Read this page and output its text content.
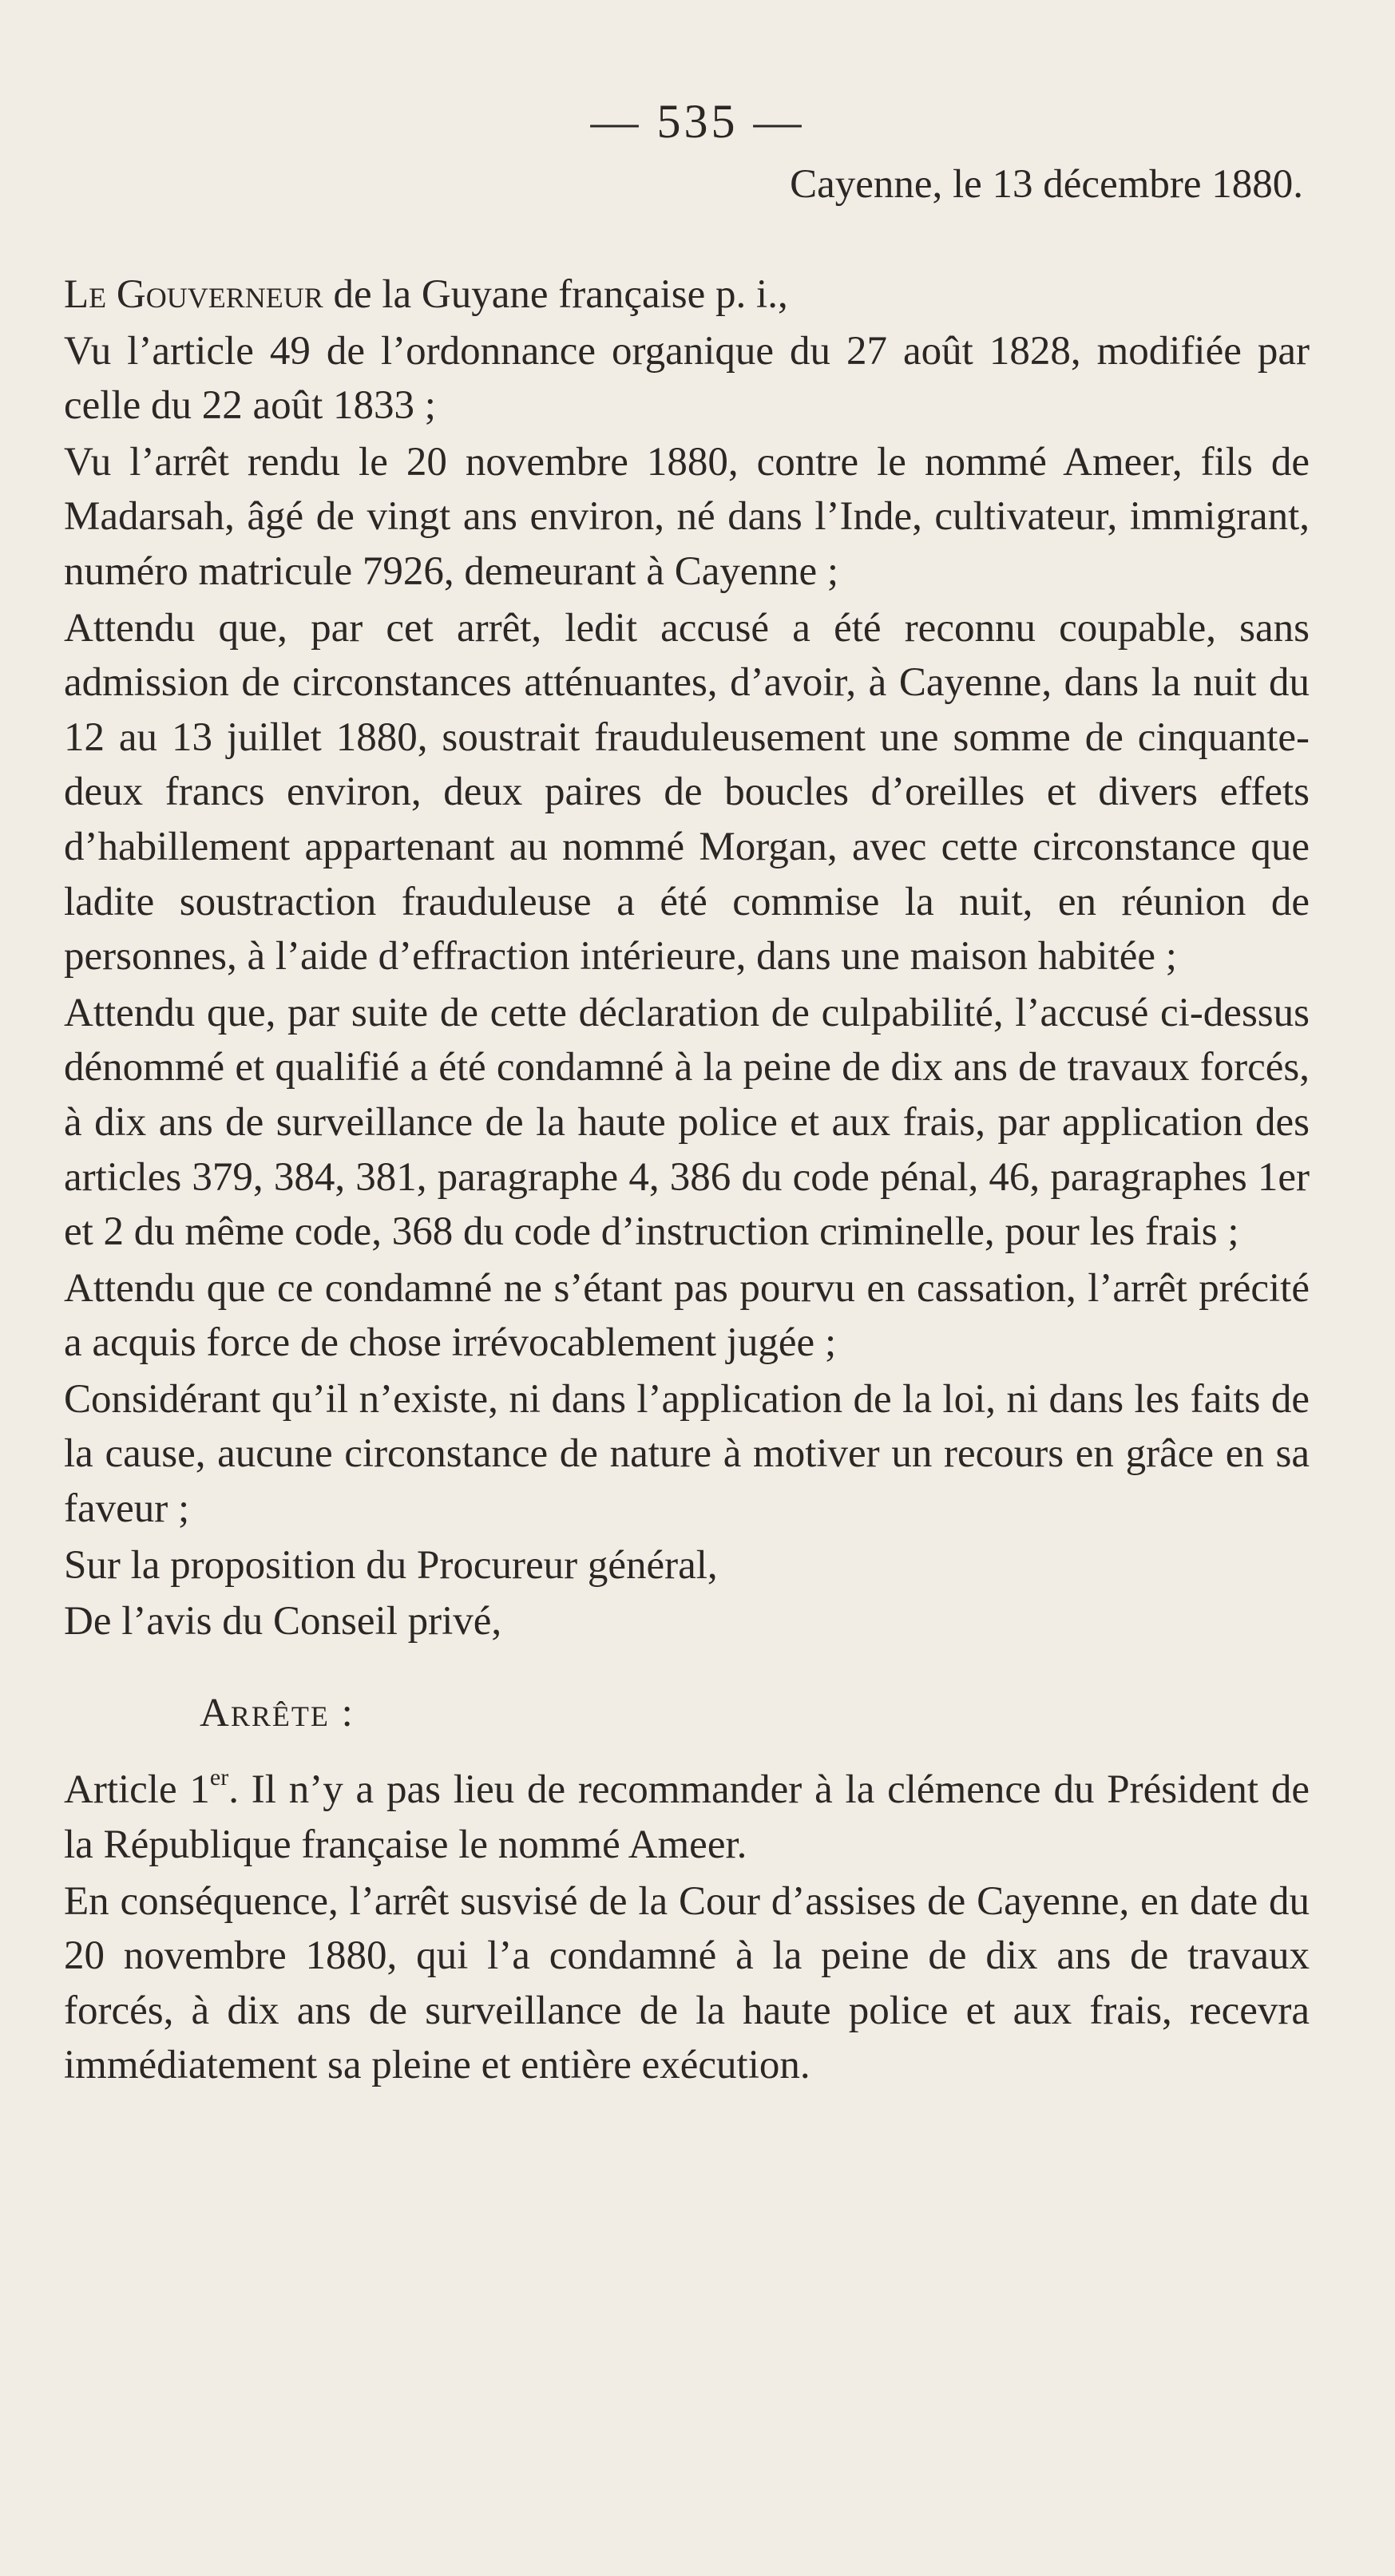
— 535 —
Cayenne, le 13 décembre 1880.

Le Gouverneur de la Guyane française p. i.,

Vu l’article 49 de l’ordonnance organique du 27 août 1828, modifiée par celle du 22 août 1833 ;

Vu l’arrêt rendu le 20 novembre 1880, contre le nommé Ameer, fils de Madarsah, âgé de vingt ans environ, né dans l’Inde, cultivateur, immigrant, numéro matricule 7926, demeurant à Cayenne ;

Attendu que, par cet arrêt, ledit accusé a été reconnu coupable, sans admission de circonstances atténuantes, d’avoir, à Cayenne, dans la nuit du 12 au 13 juillet 1880, soustrait frauduleusement une somme de cinquante-deux francs environ, deux paires de boucles d’oreilles et divers effets d’habillement appartenant au nommé Morgan, avec cette circonstance que ladite soustraction frauduleuse a été commise la nuit, en réunion de personnes, à l’aide d’effraction intérieure, dans une maison habitée ;

Attendu que, par suite de cette déclaration de culpabilité, l’accusé ci-dessus dénommé et qualifié a été condamné à la peine de dix ans de travaux forcés, à dix ans de surveillance de la haute police et aux frais, par application des articles 379, 384, 381, paragraphe 4, 386 du code pénal, 46, paragraphes 1er et 2 du même code, 368 du code d’instruction criminelle, pour les frais ;

Attendu que ce condamné ne s’étant pas pourvu en cassation, l’arrêt précité a acquis force de chose irrévocablement jugée ;

Considérant qu’il n’existe, ni dans l’application de la loi, ni dans les faits de la cause, aucune circonstance de nature à motiver un recours en grâce en sa faveur ;

Sur la proposition du Procureur général,

De l’avis du Conseil privé,

Arrête :

Article 1er. Il n’y a pas lieu de recommander à la clémence du Président de la République française le nommé Ameer.

En conséquence, l’arrêt susvisé de la Cour d’assises de Cayenne, en date du 20 novembre 1880, qui l’a condamné à la peine de dix ans de travaux forcés, à dix ans de surveillance de la haute police et aux frais, recevra immédiatement sa pleine et entière exécution.
